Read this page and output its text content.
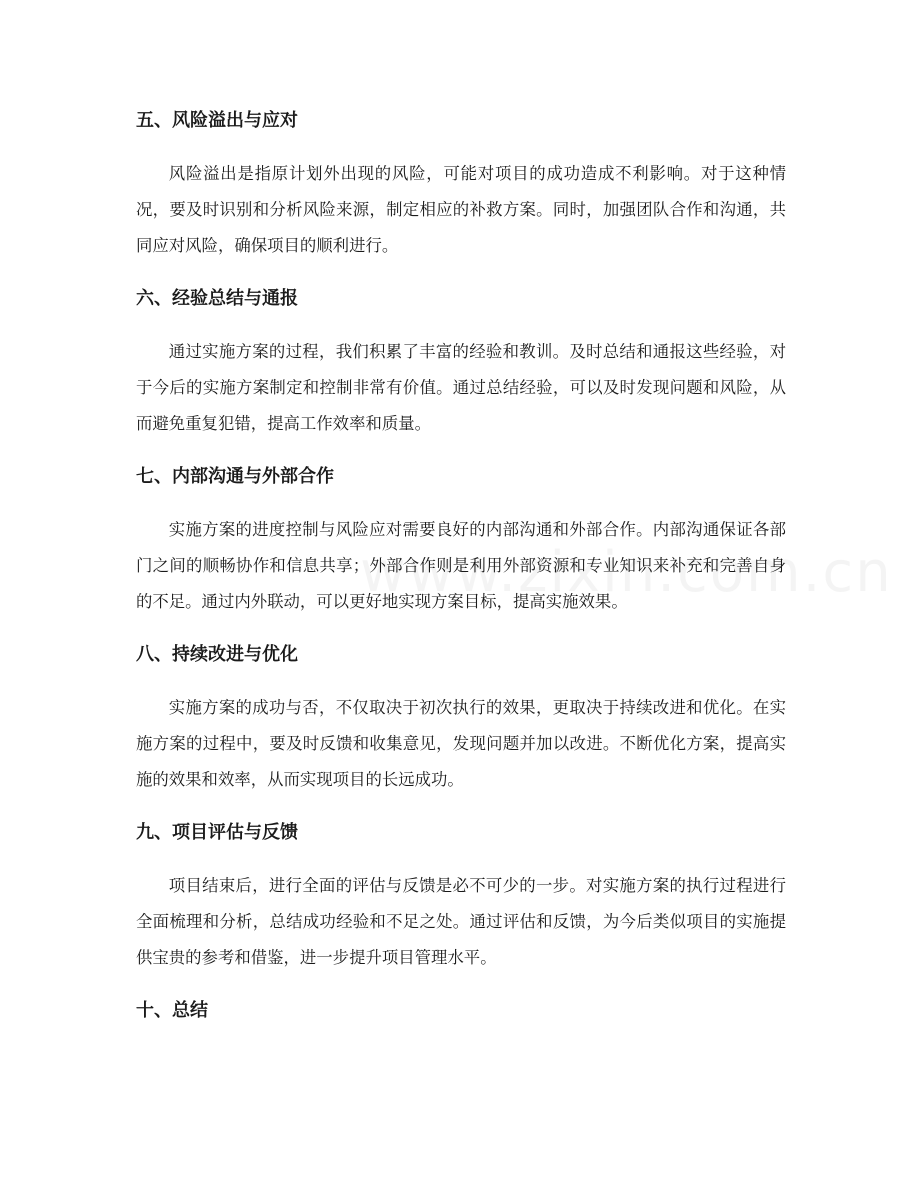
五、风险溢出与应对

风险溢出是指原计划外出现的风险，可能对项目的成功造成不利影响。对于这种情况，要及时识别和分析风险来源，制定相应的补救方案。同时，加强团队合作和沟通，共同应对风险，确保项目的顺利进行。

六、经验总结与通报

通过实施方案的过程，我们积累了丰富的经验和教训。及时总结和通报这些经验，对于今后的实施方案制定和控制非常有价值。通过总结经验，可以及时发现问题和风险，从而避免重复犯错，提高工作效率和质量。

七、内部沟通与外部合作

实施方案的进度控制与风险应对需要良好的内部沟通和外部合作。内部沟通保证各部门之间的顺畅协作和信息共享；外部合作则是利用外部资源和专业知识来补充和完善自身的不足。通过内外联动，可以更好地实现方案目标，提高实施效果。

八、持续改进与优化

实施方案的成功与否，不仅取决于初次执行的效果，更取决于持续改进和优化。在实施方案的过程中，要及时反馈和收集意见，发现问题并加以改进。不断优化方案，提高实施的效果和效率，从而实现项目的长远成功。

九、项目评估与反馈

项目结束后，进行全面的评估与反馈是必不可少的一步。对实施方案的执行过程进行全面梳理和分析，总结成功经验和不足之处。通过评估和反馈，为今后类似项目的实施提供宝贵的参考和借鉴，进一步提升项目管理水平。

十、总结
